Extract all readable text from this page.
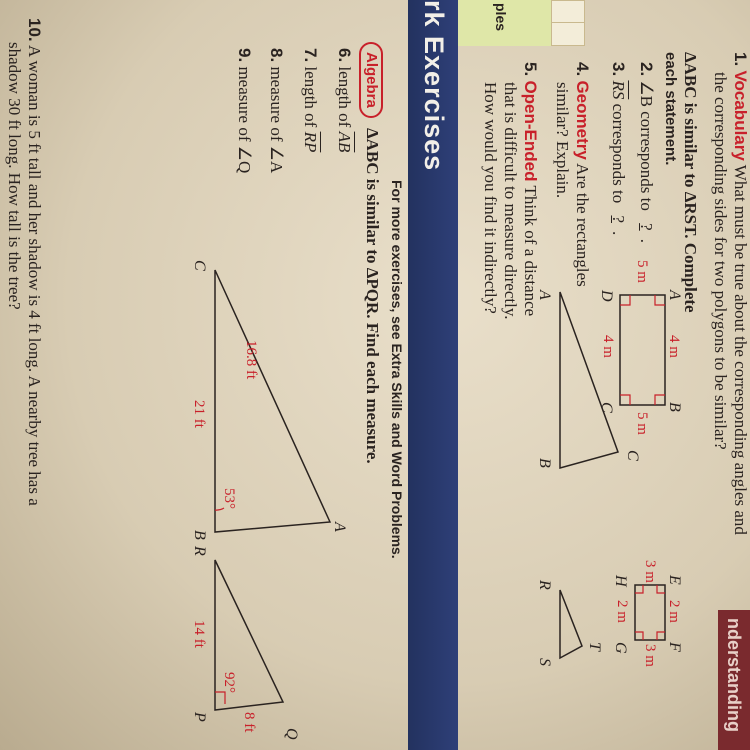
nderstanding
ples
rk Exercises	1. Vocabulary What must be true about the corresponding angles and
the corresponding sides for two polygons to be similar?
ΔABC is similar to ΔRST. Complete
each statement.
2. ∠B corresponds to ?.
3. $\overline{RS}$ corresponds to ?.
4. Geometry Are the rectangles
similar? Explain.
5. Open-Ended Think of a distance
that is difficult to measure directly.
How would you find it indirectly? A
B
C
R
S
T
A
B
C
D
4 m
4 m
5 m
5 m
E
F
G
H
2 m
2 m
3 m
3 m
For more exercises, see Extra Skills and Word Problems.
Algebra
ΔABC is similar to ΔPQR. Find each measure.
6. length of $\overline{AB}$
7. length of $\overline{RP}$
8. measure of ∠A
9. measure of ∠Q
C
B
A
16.8 ft
21 ft
53°
R
P
Q
14 ft
8 ft
92°
10. A woman is 5 ft tall and her shadow is 4 ft long. A nearby tree has a
shadow 30 ft long. How tall is the tree?
